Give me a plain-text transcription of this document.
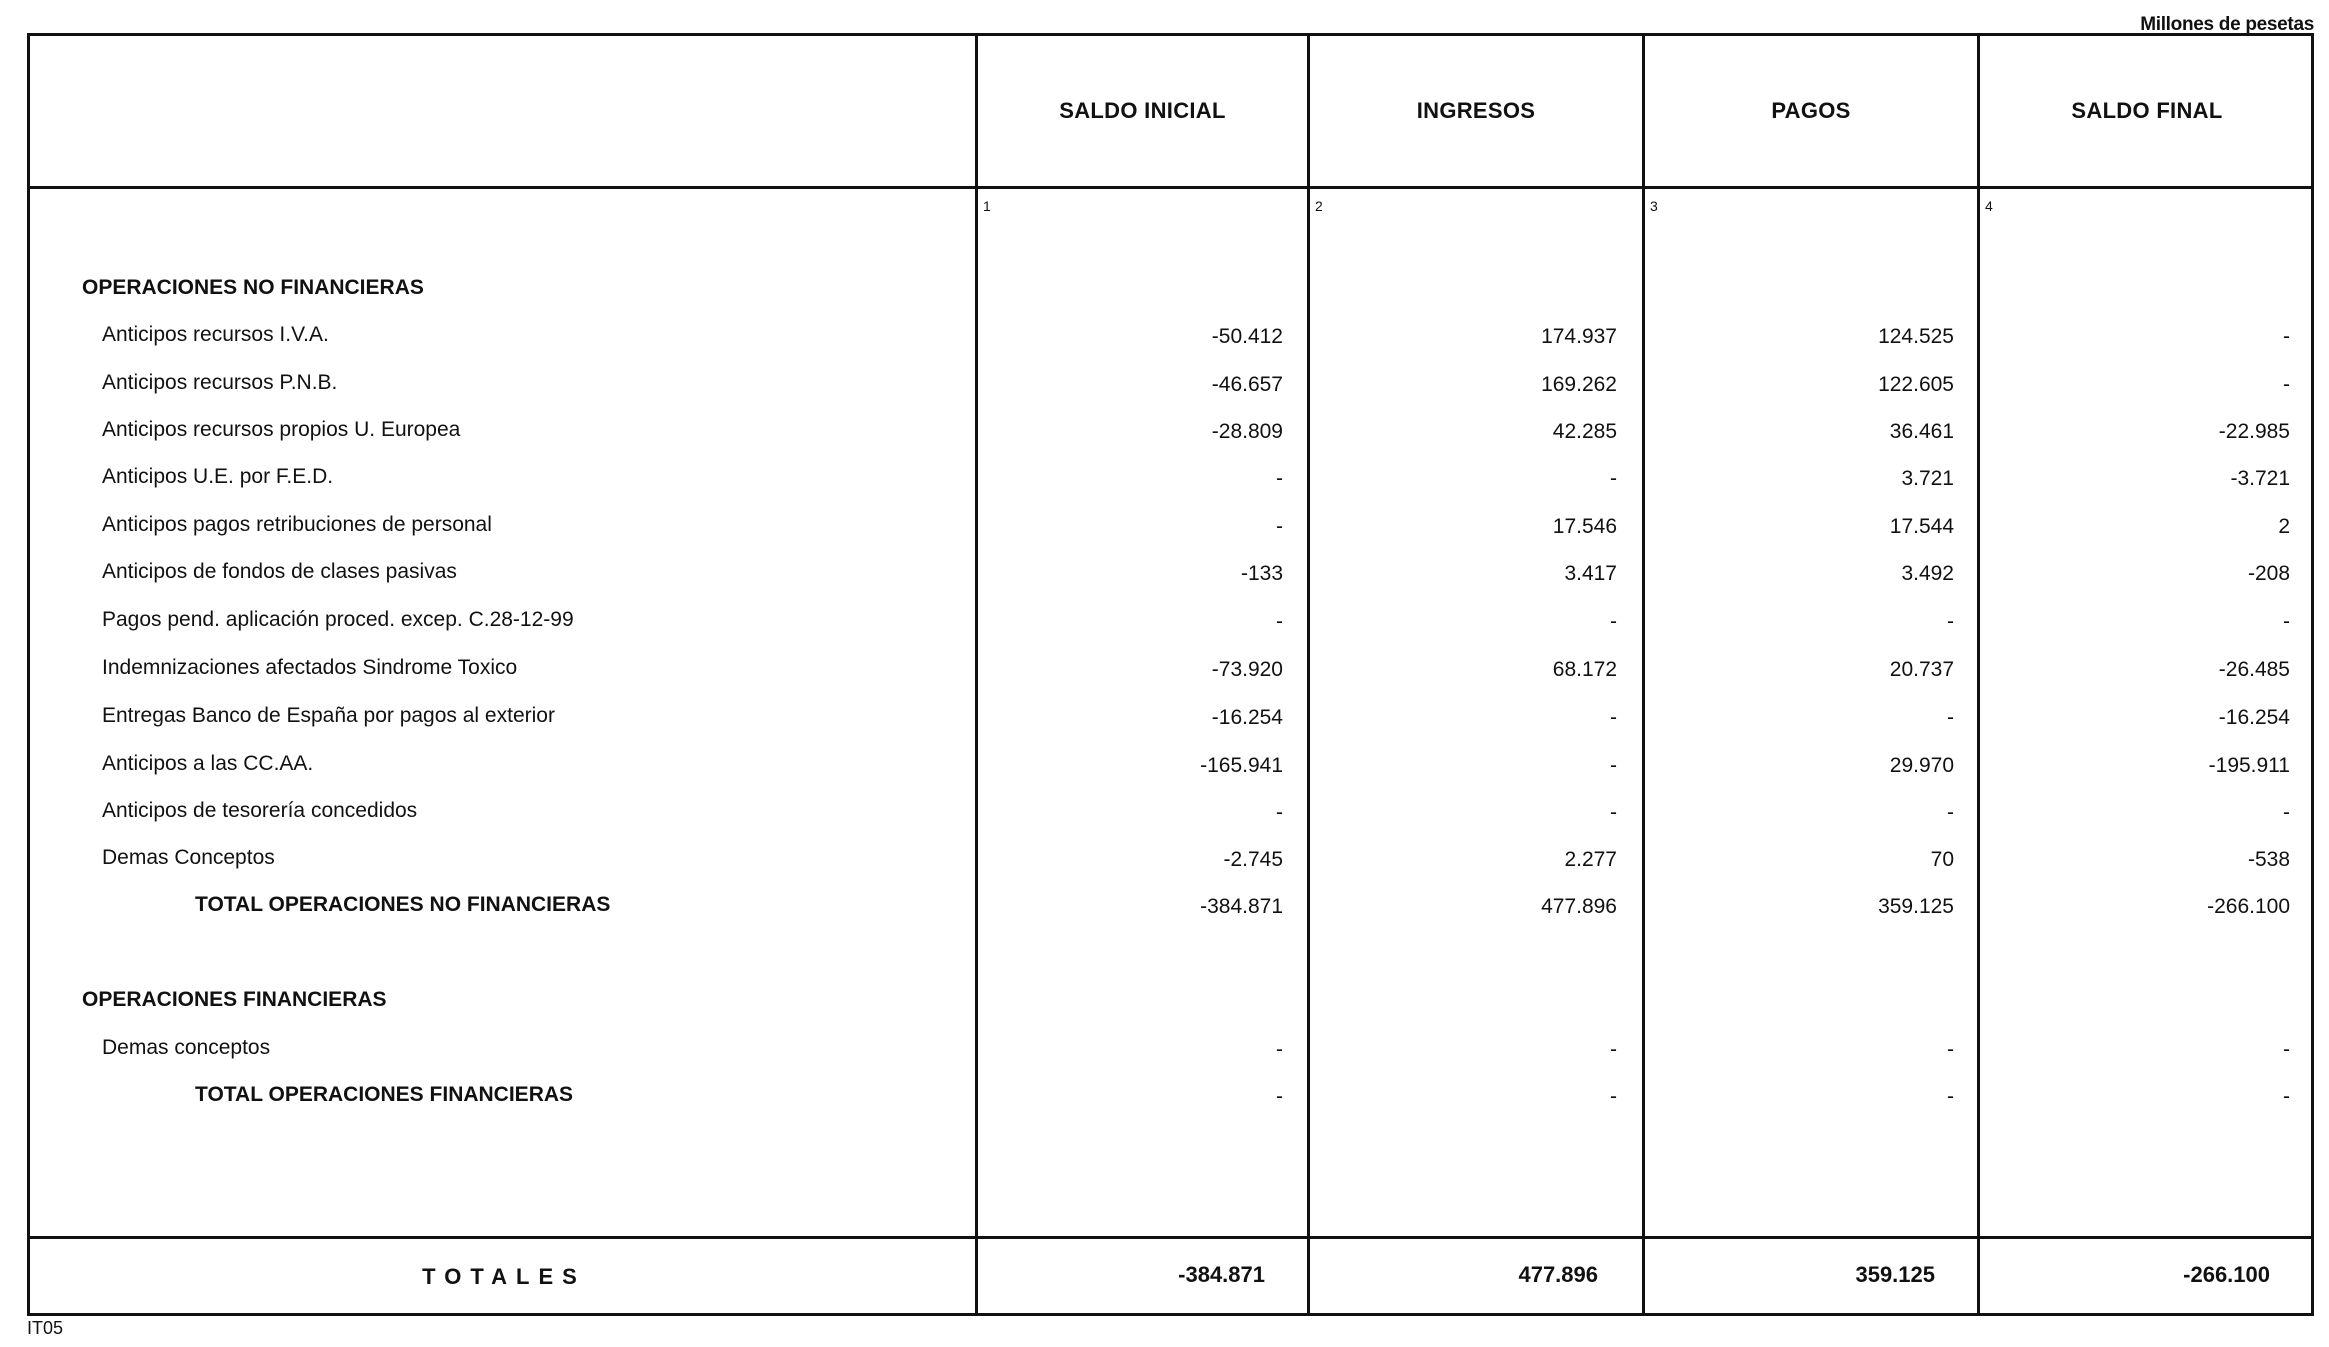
Millones de pesetas
SALDO INICIAL	INGRESOS	PAGOS	SALDO FINAL
1	2	3	4
OPERACIONES NO FINANCIERAS
Anticipos recursos I.V.A.	-50.412	174.937	124.525	-
Anticipos recursos P.N.B.	-46.657	169.262	122.605	-
Anticipos recursos propios U. Europea	-28.809	42.285	36.461	-22.985
Anticipos U.E. por F.E.D.	-	-	3.721	-3.721
Anticipos pagos retribuciones de personal	-	17.546	17.544	2
Anticipos de fondos de clases pasivas	-133	3.417	3.492	-208
Pagos pend. aplicación proced. excep. C.28-12-99	-	-	-	-
Indemnizaciones afectados Sindrome Toxico	-73.920	68.172	20.737	-26.485
Entregas Banco de España por pagos al exterior	-16.254	-	-	-16.254
Anticipos a las CC.AA.	-165.941	-	29.970	-195.911
Anticipos de tesorería concedidos	-	-	-	-
Demas Conceptos	-2.745	2.277	70	-538
TOTAL OPERACIONES NO FINANCIERAS	-384.871	477.896	359.125	-266.100
OPERACIONES FINANCIERAS
Demas conceptos	-	-	-	-
TOTAL OPERACIONES FINANCIERAS	-	-	-	-
TOTALES	-384.871	477.896	359.125	-266.100
IT05
